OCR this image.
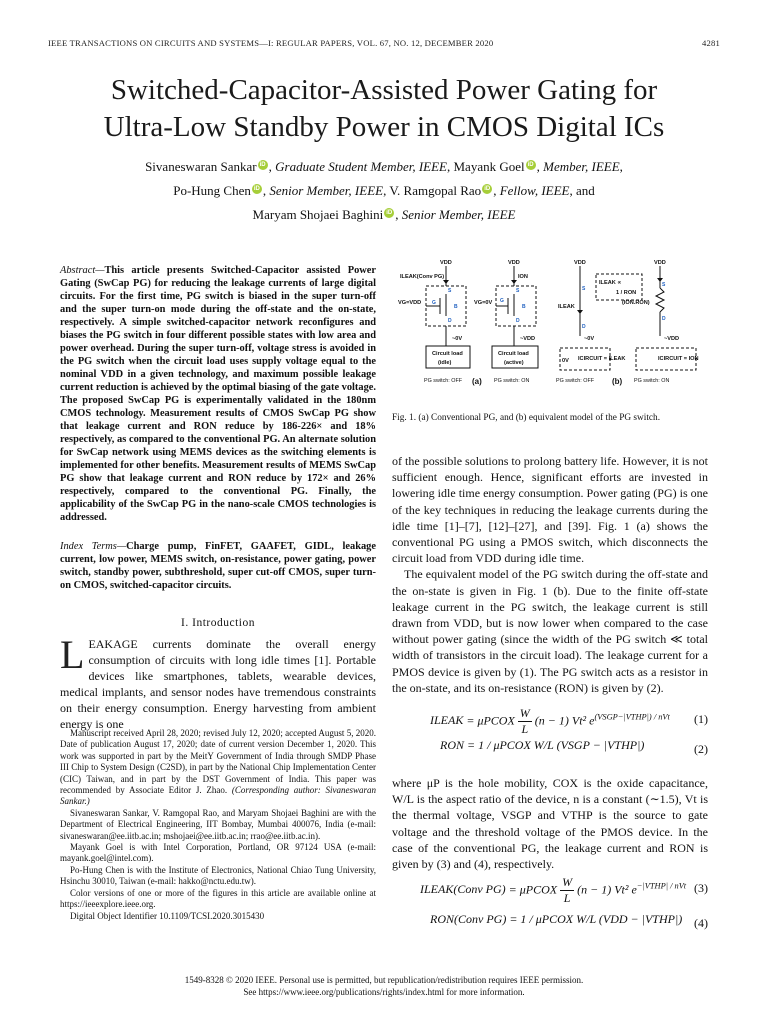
IEEE TRANSACTIONS ON CIRCUITS AND SYSTEMS—I: REGULAR PAPERS, VOL. 67, NO. 12, DECEMBER 2020	4281
Switched-Capacitor-Assisted Power Gating for
Ultra-Low Standby Power in CMOS Digital ICs
Sivaneswaran Sankar iD , Graduate Student Member, IEEE, Mayank Goel iD , Member, IEEE,
Po-Hung Chen iD , Senior Member, IEEE, V. Ramgopal Rao iD , Fellow, IEEE, and
Maryam Shojaei Baghini iD , Senior Member, IEEE
Abstract—This article presents Switched-Capacitor assisted Power Gating (SwCap PG) for reducing the leakage currents of large digital circuits. For the first time, PG switch is biased in the super turn-off and the super turn-on mode during the off-state and the on-state, respectively. A simple switched-capacitor network reconfigures and biases the PG switch in four different possible states with low area and power overhead. During the super turn-off, voltage stress is avoided in the PG switch when the circuit load uses supply voltage equal to the nominal VDD in a given technology, and maximum possible leakage current reduction is achieved by the optimal biasing of the gate voltage. The proposed SwCap PG is experimentally validated in the 180nm CMOS technology. Measurement results of CMOS SwCap PG show that leakage current and RON reduce by 186-226× and 18% respectively, as compared to the conventional PG. An alternate solution for SwCap network using MEMS devices as the switching elements is implemented for other benefits. Measurement results of MEMS SwCap PG show that leakage current and RON reduce by 172× and 26% respectively, compared to the conventional PG. Finally, the applicability of the SwCap PG in the nano-scale CMOS technologies is addressed.
Index Terms—Charge pump, FinFET, GAAFET, GIDL, leakage current, low power, MEMS switch, on-resistance, power gating, power switch, standby power, subthreshold, super cut-off CMOS, super turn-on CMOS, switched-capacitor circuits.
I. Introduction
LEAKAGE currents dominate the overall energy consumption of circuits with long idle times [1]. Portable devices like smartphones, tablets, wearable devices, medical implants, and sensor nodes have tremendous constraints on their energy consumption. Energy harvesting from ambient energy is one

Manuscript received April 28, 2020; revised July 12, 2020; accepted August 5, 2020. Date of publication August 17, 2020; date of current version December 1, 2020. This work was supported in part by the MeitY Government of India through SMDP Phase III Chip to System Design (C2SD), in part by the National Chip Implementation Center (CIC) Taiwan, and in part by the DST Government of India. This paper was recommended by Associate Editor J. Zhao. (Corresponding author: Sivaneswaran Sankar.)

Sivaneswaran Sankar, V. Ramgopal Rao, and Maryam Shojaei Baghini are with the Department of Electrical Engineering, IIT Bombay, Mumbai 400076, India (e-mail: sivaneswaran@ee.iitb.ac.in; mshojaei@ee.iitb.ac.in; rrao@ee.iitb.ac.in).

Mayank Goel is with Intel Corporation, Portland, OR 97124 USA (e-mail: mayank.goel@intel.com).

Po-Hung Chen is with the Institute of Electronics, National Chiao Tung University, Hsinchu 30010, Taiwan (e-mail: hakko@nctu.edu.tw).

Color versions of one or more of the figures in this article are available online at https://ieeexplore.ieee.org.

Digital Object Identifier 10.1109/TCSI.2020.3015430

VDD	VDD	VDD	VDD
ILEAK(Conv PG)	ION
VG=VDD	VG=0V
~0V	~VDD
Circuit load
(idle)
Circuit load
(active)
ILEAK
ILEAK ∝
1 / RON
(ION.RON)
~0V	~VDD
0V ICIRCUIT = ILEAK	ICIRCUIT = ION
S
D
G
B
S
D
G
B
S
D
S
D
PG switch: OFF	PG switch: ON	PG switch: OFF	PG switch: ON
(a)	(b)
Fig. 1. (a) Conventional PG, and (b) equivalent model of the PG switch.

of the possible solutions to prolong battery life. However, it is not sufficient enough. Hence, significant efforts are invested in lowering idle time energy consumption. Power gating (PG) is one of the key techniques in reducing the leakage currents during the idle time [1]–[7], [12]–[27], and [39]. Fig. 1 (a) shows the conventional PG using a PMOS switch, which disconnects the circuit load from VDD during idle time.

The equivalent model of the PG switch during the off-state and the on-state is given in Fig. 1 (b). Due to the finite off-state leakage current in the PG switch, the leakage current is still drawn from VDD, but is now lower when compared to the case without power gating (since the width of the PG switch ≪ total width of transistors in the circuit load). The leakage current for a PMOS device is given by (1). The PG switch acts as a resistor in the on-state, and its on-resistance (RON) is given by (2).

ILEAK = μPCOX $\frac{W}{L} (n - 1)$ Vt² $e^{(VSGP-|VTHP|) / nVt}$ (1)
RON = 1 / μPCOX W/L (VSGP − |VTHP|)	(2)

where μP is the hole mobility, COX is the oxide capacitance, W/L is the aspect ratio of the device, n is a constant (∼1.5), Vt is the thermal voltage, VSGP and VTHP is the source to gate voltage and the threshold voltage of the PMOS device. In the case of the conventional PG, the leakage current and RON is given by (3) and (4), respectively.

ILEAK(Conv PG) = μPCOX $\frac{W}{L} (n - 1)$ Vt² $e^{-|VTHP| / nVt}$ (3)
RON(Conv PG) = 1 / μPCOX W/L (VDD − |VTHP|) (4)
1549-8328 © 2020 IEEE. Personal use is permitted, but republication/redistribution requires IEEE permission.
See https://www.ieee.org/publications/rights/index.html for more information.
